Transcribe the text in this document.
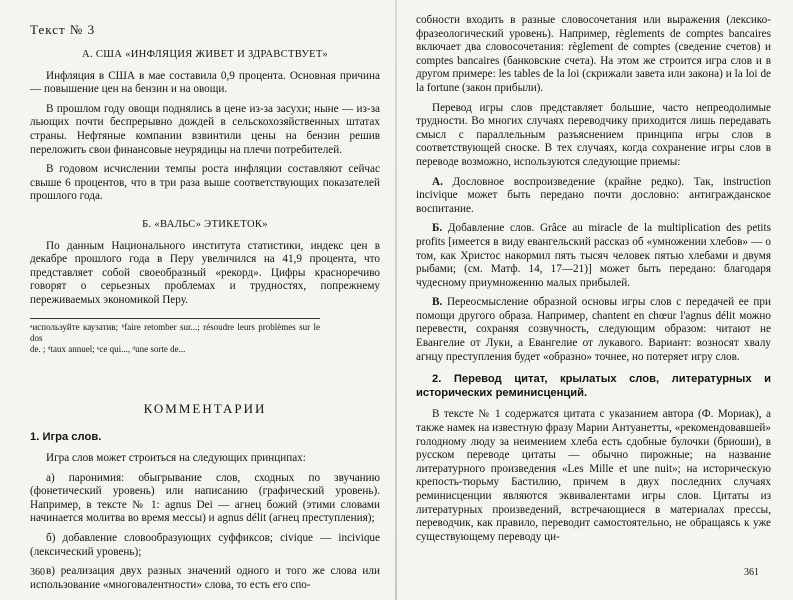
Текст № 3

А. США «ИНФЛЯЦИЯ ЖИВЕТ И ЗДРАВСТВУЕТ»

Инфляция в США в мае составила 0,9 процента. Основная причина — повышение цен на бензин и на овощи.

В прошлом году овощи поднялись в цене из-за засухи; ныне — из-за льющих почти беспрерывно дождей в сельскохозяйственных штатах страны. Нефтяные компании взвинтили цены на бензин решив переложить свои финансовые неурядицы на плечи потребителей.

В годовом исчислении темпы роста инфляции составляют сейчас свыше 6 процентов, что в три раза выше соответствующих показателей прошлого года.

Б. «ВАЛЬС» ЭТИКЕТОК»

По данным Национального института статистики, индекс цен в декабре прошлого года в Перу увеличился на 41,9 процента, что представляет собой своеобразный «рекорд». Цифры красноречиво говорят о серьезных проблемах и трудностях, попрежнему переживаемых экономикой Перу.

ᵃиспользуйте каузатив; ᵇfaire retomber sur...; résoudre leurs problèmes sur le dos

de. ; ᵈtaux annuel; ᵉce qui..., ᵈune sorte de...

КОММЕНТАРИИ

1. Игра слов.

Игра слов может строиться на следующих принципах:

а) паронимия: обыгрывание слов, сходных по звучанию (фонетический уровень) или написанию (графический уровень). Например, в тексте № 1: agnus Dei — агнец божий (этими словами начинается молитва во время мессы) и agnus délit (агнец преступления);

б) добавление словообразующих суффиксов; civique — incivique (лексический уровень);

в) реализация двух разных значений одного и того же слова или использование «многовалентности» слова, то есть его спо-

360

собности входить в разные словосочетания или выражения (лексико-фразеологический уровень). Например, règlements de comptes bancaires включает два словосочетания: règlement de comptes (сведение счетов) и comptes bancaires (банковские счета). На этом же строится игра слов и в другом примере: les tables de la loi (скрижали завета или закона) и la loi de la fortune (закон прибыли).

Перевод игры слов представляет большие, часто непреодолимые трудности. Во многих случаях переводчику приходится лишь передавать смысл с параллельным разъяснением принципа игры слов в соответствующей сноске. В тех случаях, когда сохранение игры слов в переводе возможно, используются следующие приемы:

А. Дословное воспроизведение (крайне редко). Так, instruction incivique может быть передано почти дословно: антигражданское воспитание.

Б. Добавление слов. Grâce au miracle de la multiplication des petits profits [имеется в виду евангельский рассказ об «умножении хлебов» — о том, как Христос накормил пять тысяч человек пятью хлебами и двумя рыбами; (см. Матф. 14, 17—21)] может быть передано: благодаря чудесному приумножению малых прибылей.

В. Переосмысление образной основы игры слов с передачей ее при помощи другого образа. Например, chantent en chœur l'agnus délit можно перевести, сохраняя созвучность, следующим образом: читают не Евангелие от Луки, а Евангелие от лукавого. Вариант: возносят хвалу агнцу преступления будет «образно» точнее, но потеряет игру слов.

2. Перевод цитат, крылатых слов, литературных и исторических реминисценций.

В тексте № 1 содержатся цитата с указанием автора (Ф. Мориак), а также намек на известную фразу Марии Антуанетты, «рекомендовавшей» голодному люду за неимением хлеба есть сдобные булочки (бриоши), в русском переводе цитаты — обычно пирожные; на название литературного произведения «Les Mille et une nuit»; на историческую крепость-тюрьму Бастилию, причем в двух последних случаях реминисценции являются эквивалентами игры слов. Цитаты из литературных произведений, встречающиеся в материалах прессы, переводчик, как правило, переводит самостоятельно, не обращаясь к уже существующему переводу ци-

361
